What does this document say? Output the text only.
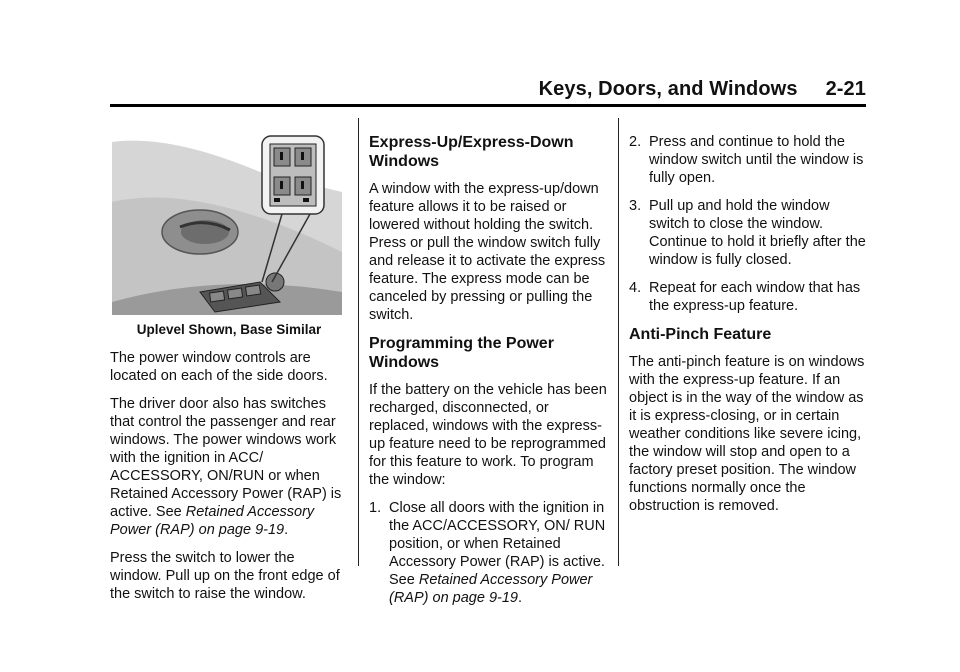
Keys, Doors, and Windows 2-21

Uplevel Shown, Base Similar

The power window controls are located on each of the side doors.

The driver door also has switches that control the passenger and rear windows. The power windows work with the ignition in ACC/ ACCESSORY, ON/RUN or when Retained Accessory Power (RAP) is active. See Retained Accessory Power (RAP) on page 9-19.

Press the switch to lower the window. Pull up on the front edge of the switch to raise the window.

Express-Up/Express-Down Windows

A window with the express-up/down feature allows it to be raised or lowered without holding the switch. Press or pull the window switch fully and release it to activate the express feature. The express mode can be canceled by pressing or pulling the switch.

Programming the Power Windows

If the battery on the vehicle has been recharged, disconnected, or replaced, windows with the express-up feature need to be reprogrammed for this feature to work. To program the window:

1. Close all doors with the ignition in the ACC/ACCESSORY, ON/ RUN position, or when Retained Accessory Power (RAP) is active. See Retained Accessory Power (RAP) on page 9-19.
2. Press and continue to hold the window switch until the window is fully open.
3. Pull up and hold the window switch to close the window. Continue to hold it briefly after the window is fully closed.
4. Repeat for each window that has the express-up feature.
Anti-Pinch Feature

The anti-pinch feature is on windows with the express-up feature. If an object is in the way of the window as it is express-closing, or in certain weather conditions like severe icing, the window will stop and open to a factory preset position. The window functions normally once the obstruction is removed.
